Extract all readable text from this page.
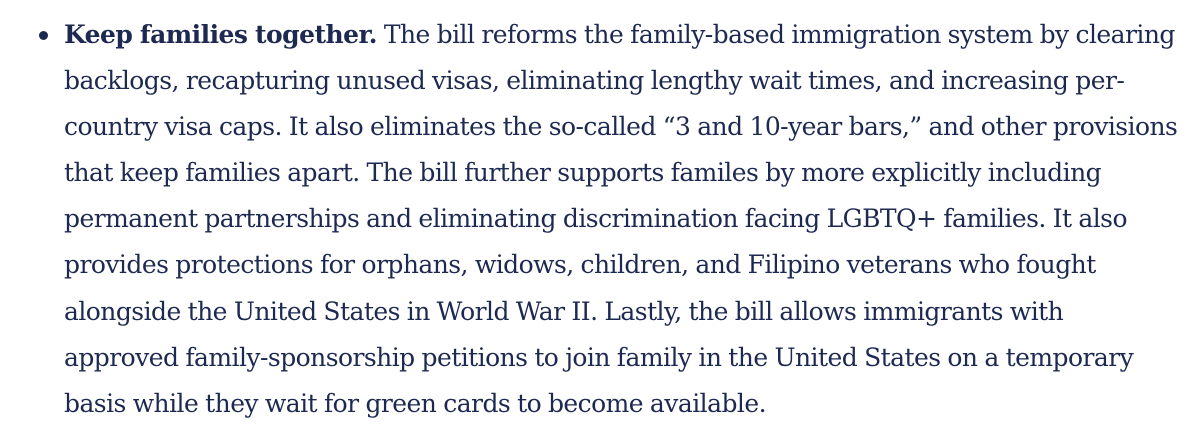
Keep families together. The bill reforms the family-based immigration system by clearing backlogs, recapturing unused visas, eliminating lengthy wait times, and increasing per-country visa caps. It also eliminates the so-called “3 and 10-year bars,” and other provisions that keep families apart. The bill further supports familes by more explicitly including permanent partnerships and eliminating discrimination facing LGBTQ+ families. It also provides protections for orphans, widows, children, and Filipino veterans who fought alongside the United States in World War II. Lastly, the bill allows immigrants with approved family-sponsorship petitions to join family in the United States on a temporary basis while they wait for green cards to become available.
